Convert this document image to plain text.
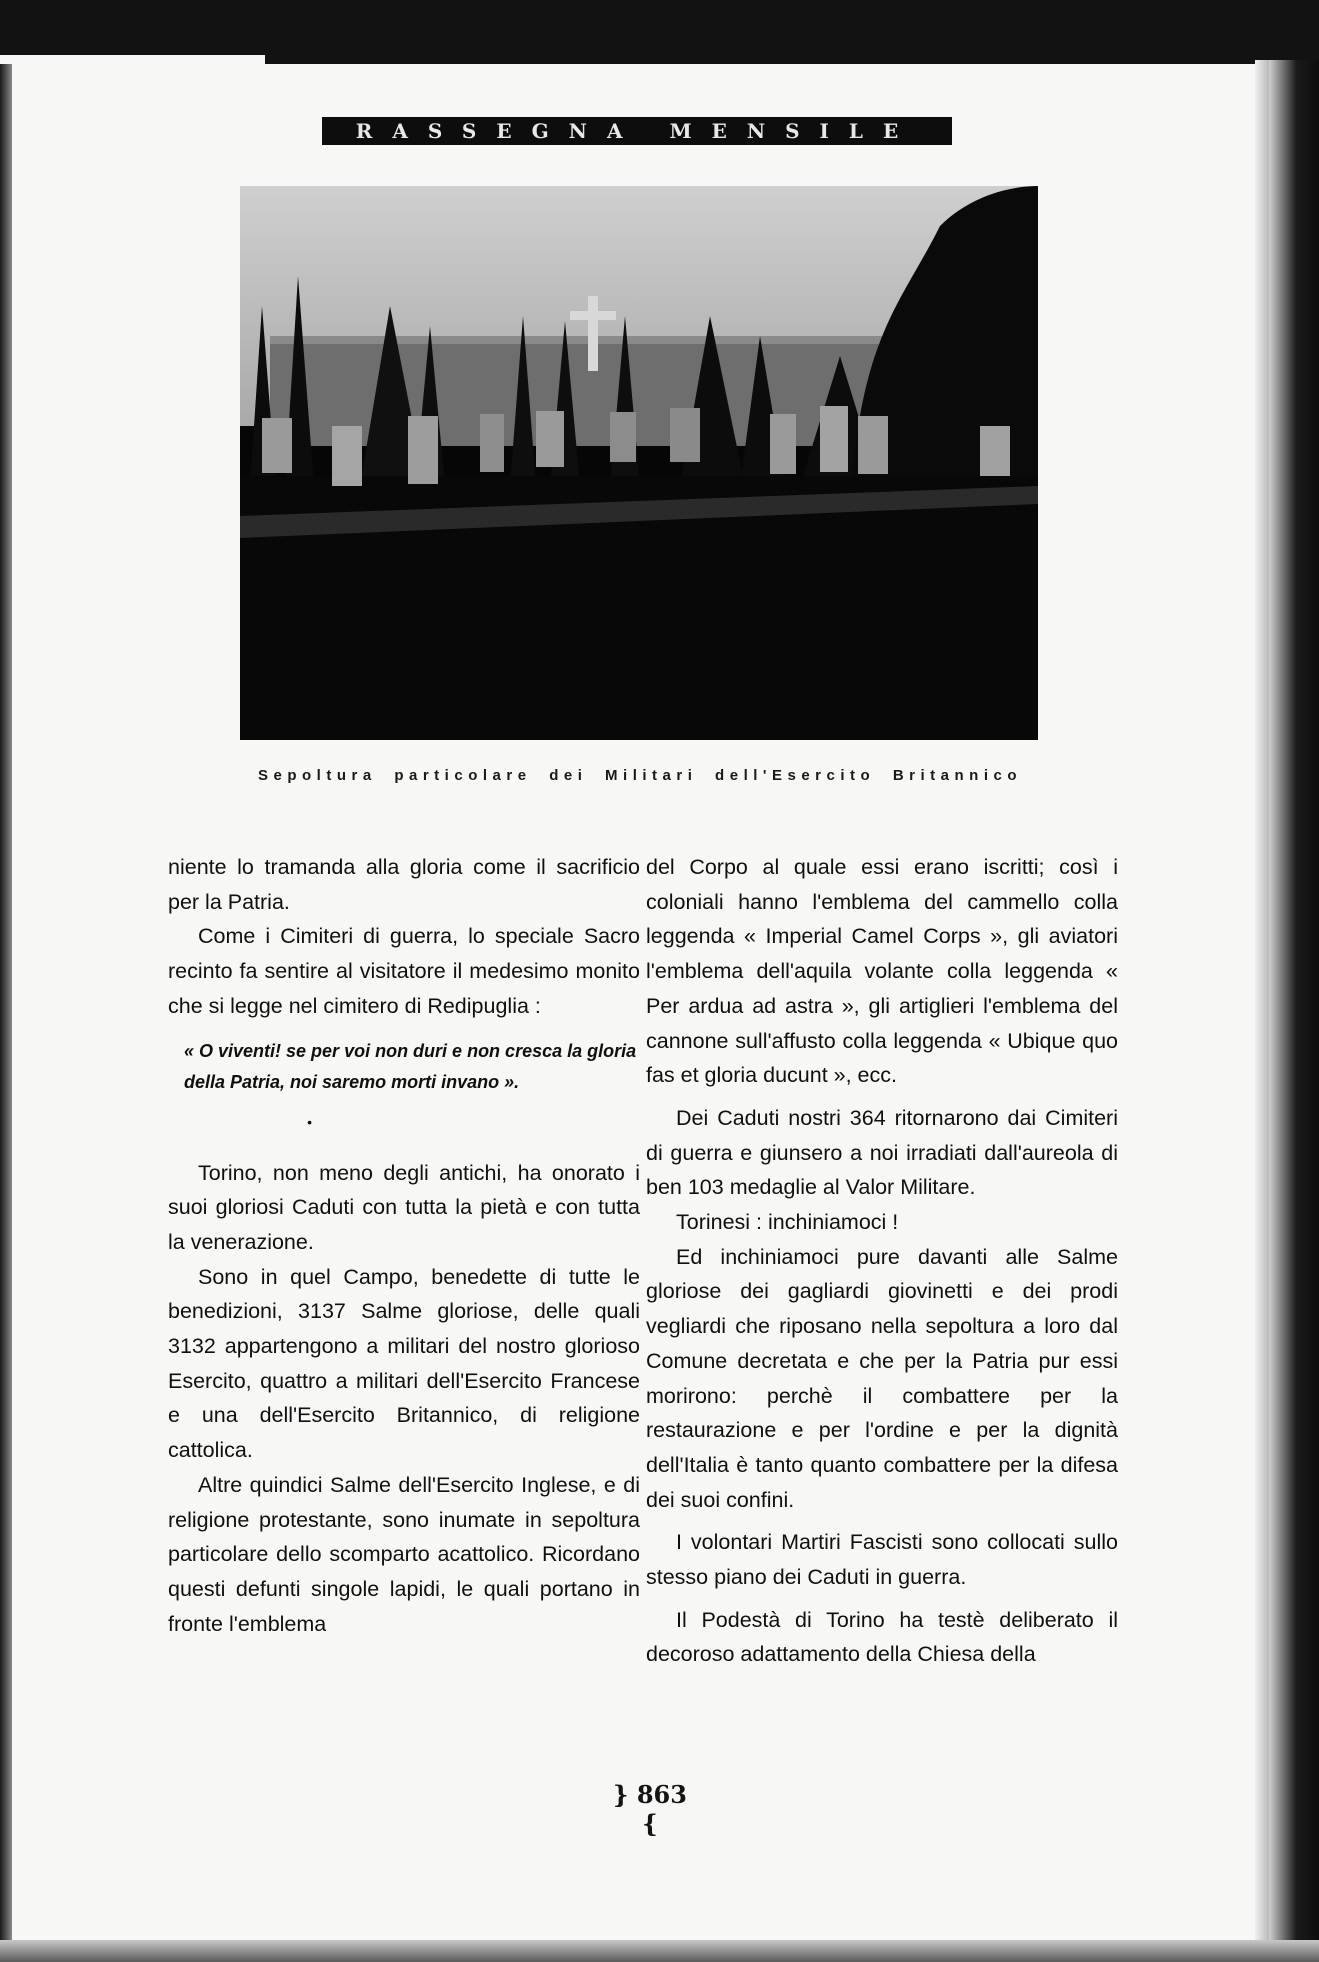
RASSEGNA MENSILE
Sepoltura particolare dei Militari dell'Esercito Britannico

niente lo tramanda alla gloria come il sacrificio per la Patria.

Come i Cimiteri di guerra, lo speciale Sacro recinto fa sentire al visitatore il medesimo monito che si legge nel cimitero di Redipuglia :

« O viventi! se per voi non duri e non cresca la gloria della Patria, noi saremo morti invano ».
•

Torino, non meno degli antichi, ha onorato i suoi gloriosi Caduti con tutta la pietà e con tutta la venerazione.

Sono in quel Campo, benedette di tutte le benedizioni, 3137 Salme gloriose, delle quali 3132 appartengono a militari del nostro glorioso Esercito, quattro a militari dell'Esercito Francese e una dell'Esercito Britannico, di religione cattolica.

Altre quindici Salme dell'Esercito Inglese, e di religione protestante, sono inumate in sepoltura particolare dello scomparto acattolico. Ricordano questi defunti singole lapidi, le quali portano in fronte l'emblema

del Corpo al quale essi erano iscritti; così i coloniali hanno l'emblema del cammello colla leggenda « Imperial Camel Corps », gli aviatori l'emblema dell'aquila volante colla leggenda « Per ardua ad astra », gli artiglieri l'emblema del cannone sull'affusto colla leggenda « Ubique quo fas et gloria ducunt », ecc.

Dei Caduti nostri 364 ritornarono dai Cimiteri di guerra e giunsero a noi irradiati dall'aureola di ben 103 medaglie al Valor Militare.

Torinesi : inchiniamoci !

Ed inchiniamoci pure davanti alle Salme gloriose dei gagliardi giovinetti e dei prodi vegliardi che riposano nella sepoltura a loro dal Comune decretata e che per la Patria pur essi morirono: perchè il combattere per la restaurazione e per l'ordine e per la dignità dell'Italia è tanto quanto combattere per la difesa dei suoi confini.

I volontari Martiri Fascisti sono collocati sullo stesso piano dei Caduti in guerra.

Il Podestà di Torino ha testè deliberato il decoroso adattamento della Chiesa della

} 863 {
